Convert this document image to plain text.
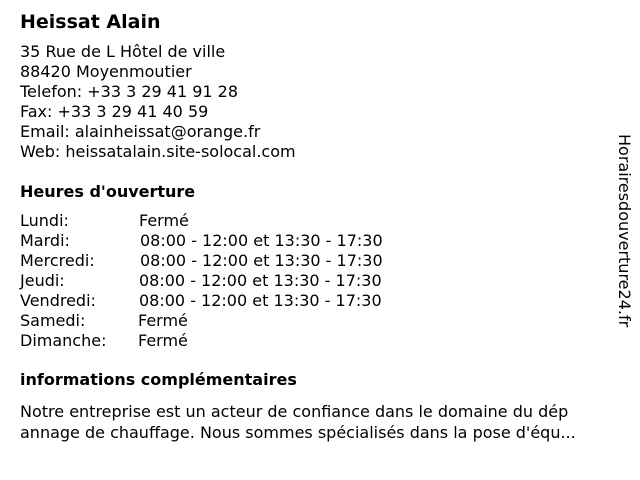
Heissat Alain
35 Rue de L Hôtel de ville
88420 Moyenmoutier
Telefon: +33 3 29 41 91 28
Fax: +33 3 29 41 40 59
Email: alainheissat@orange.fr
Web: heissatalain.site-solocal.com
Heures d'ouverture
Lundi:	Fermé
Mardi:	08:00 - 12:00 et 13:30 - 17:30
Mercredi:	08:00 - 12:00 et 13:30 - 17:30
Jeudi:	08:00 - 12:00 et 13:30 - 17:30
Vendredi:	08:00 - 12:00 et 13:30 - 17:30
Samedi:	Fermé
Dimanche:	Fermé
informations complémentaires
Notre entreprise est un acteur de confiance dans le domaine du dép
annage de chauffage. Nous sommes spécialisés dans la pose d'équ...
Horairesdouverture24.fr
